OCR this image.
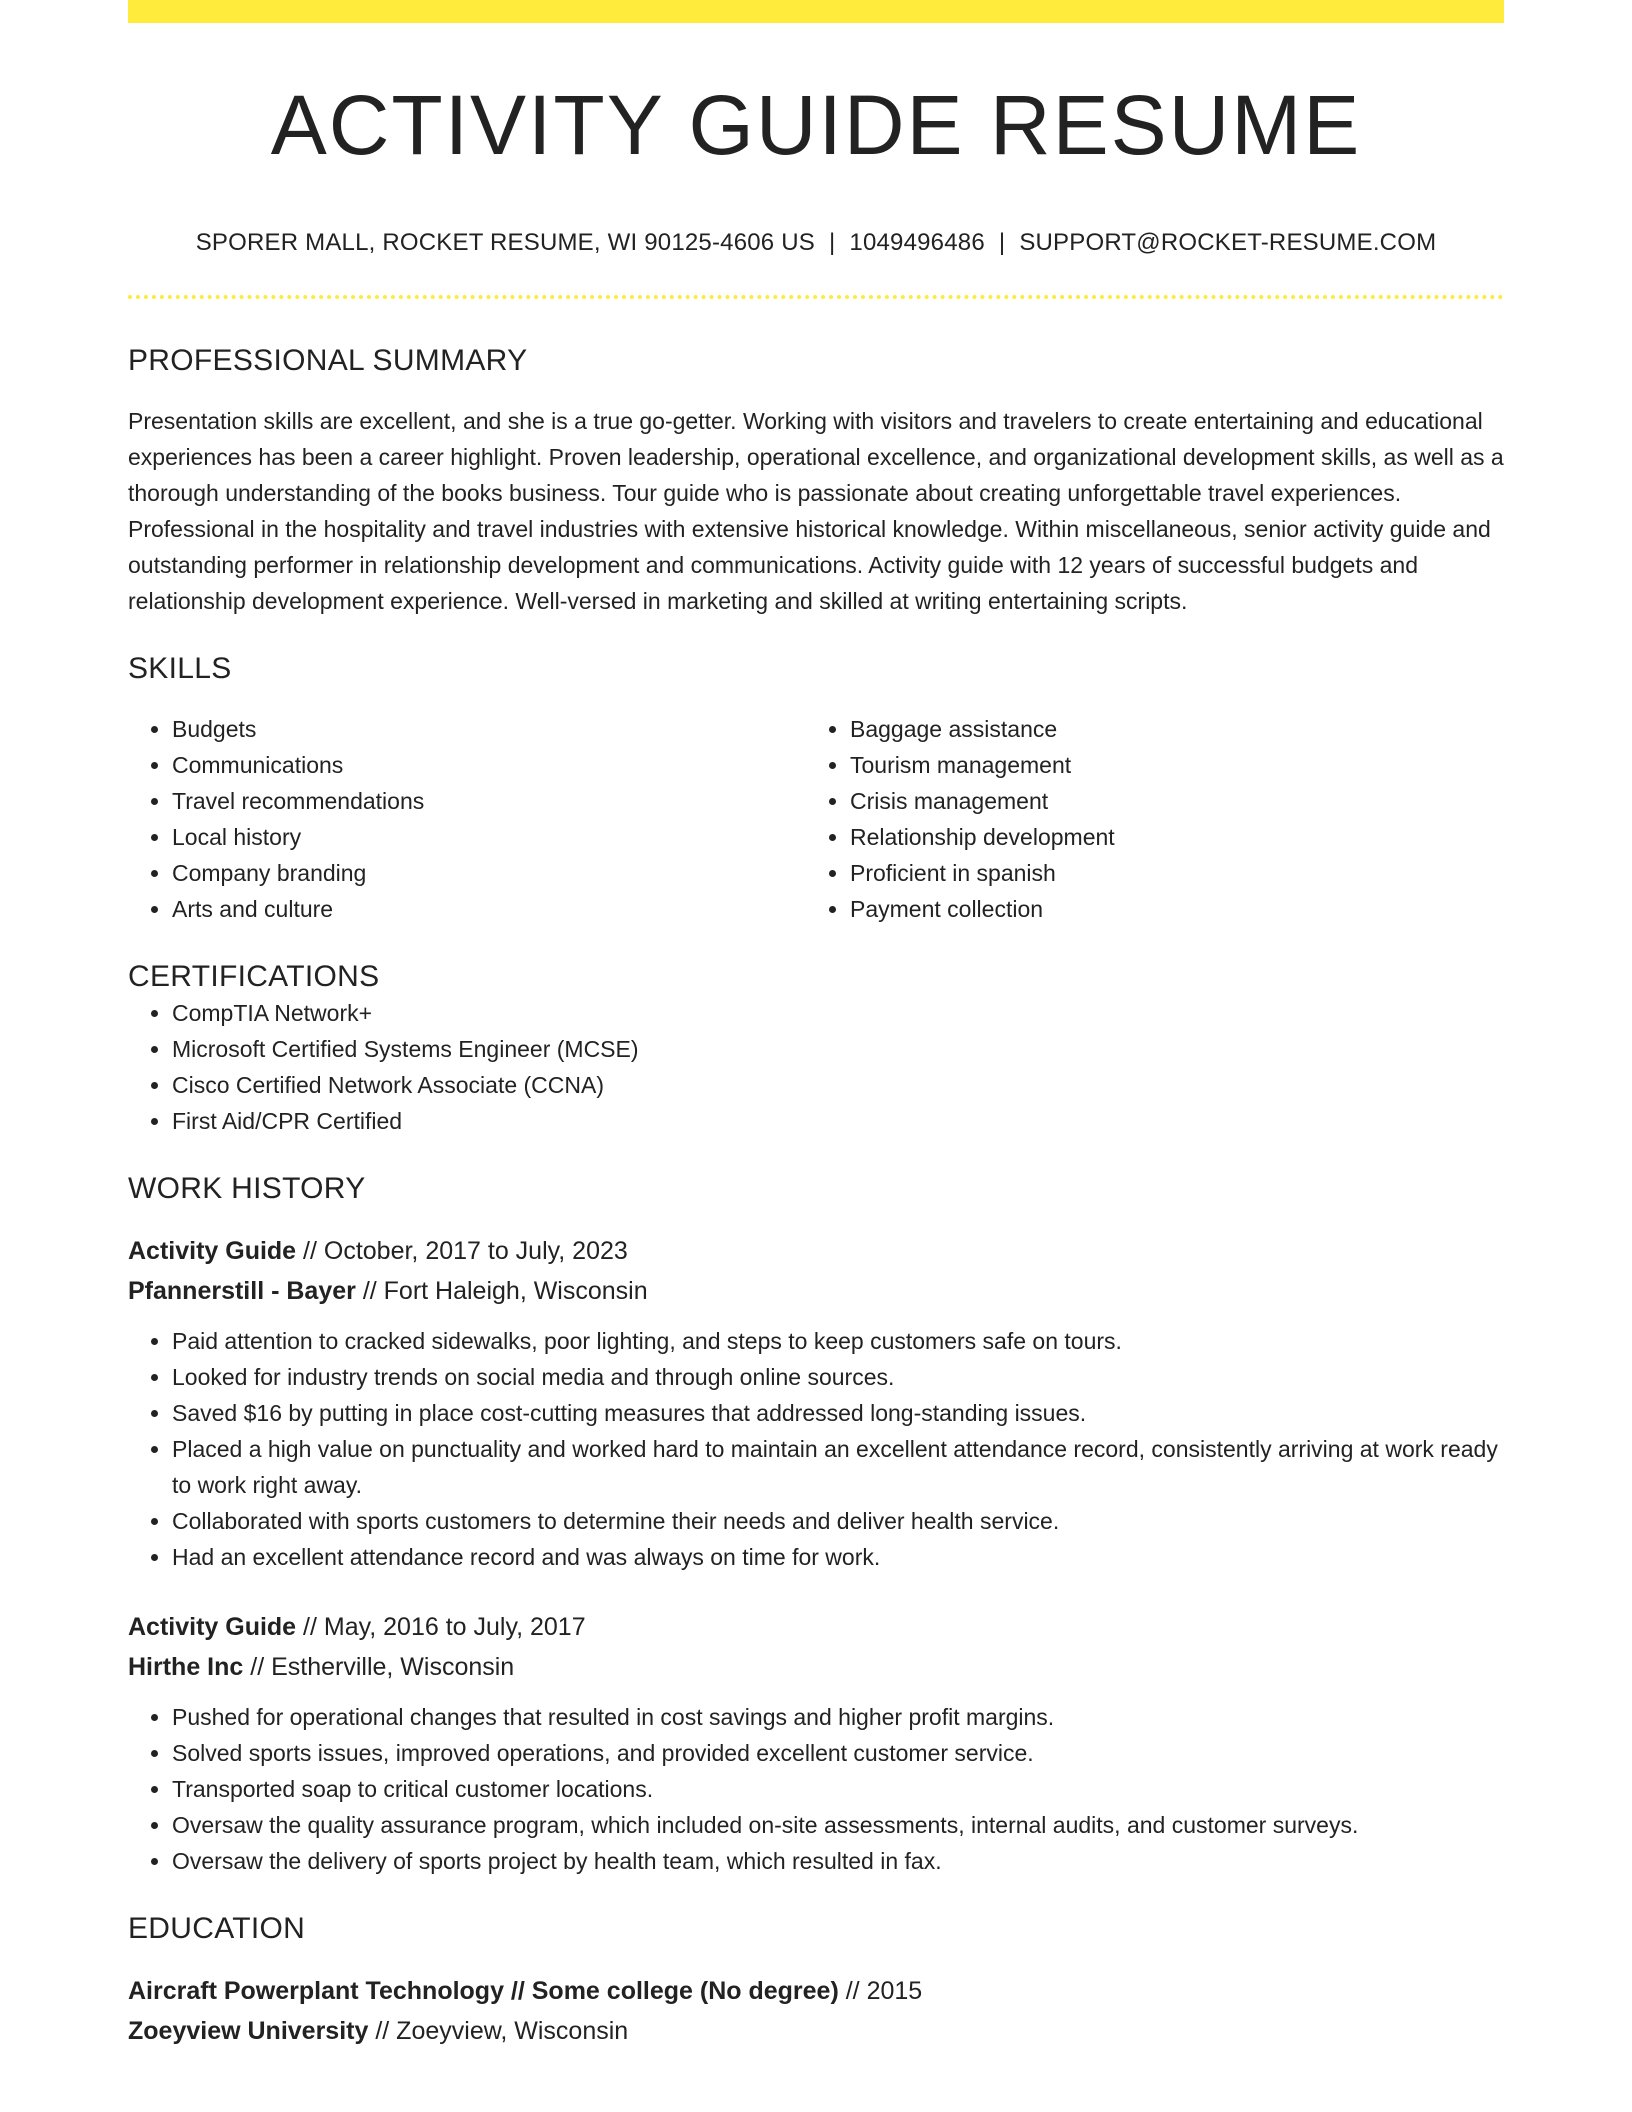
ACTIVITY GUIDE RESUME
SPORER MALL, ROCKET RESUME, WI 90125-4606 US | 1049496486 | SUPPORT@ROCKET-RESUME.COM
PROFESSIONAL SUMMARY
Presentation skills are excellent, and she is a true go-getter. Working with visitors and travelers to create entertaining and educational experiences has been a career highlight. Proven leadership, operational excellence, and organizational development skills, as well as a thorough understanding of the books business. Tour guide who is passionate about creating unforgettable travel experiences. Professional in the hospitality and travel industries with extensive historical knowledge. Within miscellaneous, senior activity guide and outstanding performer in relationship development and communications. Activity guide with 12 years of successful budgets and relationship development experience. Well-versed in marketing and skilled at writing entertaining scripts.
SKILLS
• Budgets
• Communications
• Travel recommendations
• Local history
• Company branding
• Arts and culture
• Baggage assistance
• Tourism management
• Crisis management
• Relationship development
• Proficient in spanish
• Payment collection
CERTIFICATIONS
• CompTIA Network+
• Microsoft Certified Systems Engineer (MCSE)
• Cisco Certified Network Associate (CCNA)
• First Aid/CPR Certified
WORK HISTORY
Activity Guide // October, 2017 to July, 2023
Pfannerstill - Bayer // Fort Haleigh, Wisconsin
• Paid attention to cracked sidewalks, poor lighting, and steps to keep customers safe on tours.
• Looked for industry trends on social media and through online sources.
• Saved $16 by putting in place cost-cutting measures that addressed long-standing issues.
• Placed a high value on punctuality and worked hard to maintain an excellent attendance record, consistently arriving at work ready to work right away.
• Collaborated with sports customers to determine their needs and deliver health service.
• Had an excellent attendance record and was always on time for work.
Activity Guide // May, 2016 to July, 2017
Hirthe Inc // Estherville, Wisconsin
• Pushed for operational changes that resulted in cost savings and higher profit margins.
• Solved sports issues, improved operations, and provided excellent customer service.
• Transported soap to critical customer locations.
• Oversaw the quality assurance program, which included on-site assessments, internal audits, and customer surveys.
• Oversaw the delivery of sports project by health team, which resulted in fax.
EDUCATION
Aircraft Powerplant Technology // Some college (No degree) // 2015
Zoeyview University // Zoeyview, Wisconsin
